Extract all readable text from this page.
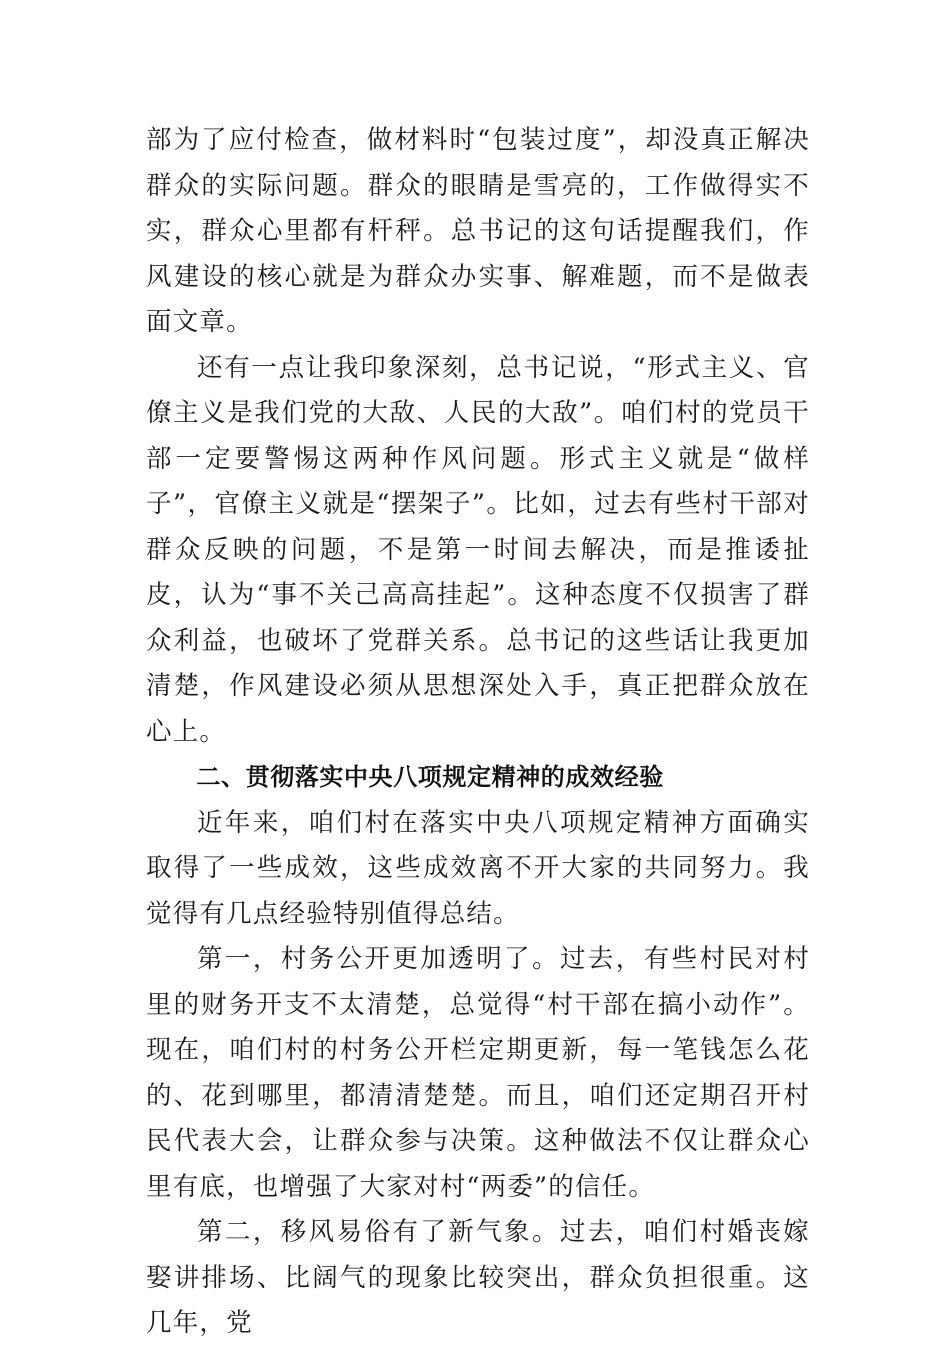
部为了应付检查，做材料时“包装过度”，却没真正解决群众的实际问题。群众的眼睛是雪亮的，工作做得实不实，群众心里都有杆秤。总书记的这句话提醒我们，作风建设的核心就是为群众办实事、解难题，而不是做表面文章。

还有一点让我印象深刻，总书记说，“形式主义、官僚主义是我们党的大敌、人民的大敌”。咱们村的党员干部一定要警惕这两种作风问题。形式主义就是“做样子”，官僚主义就是“摆架子”。比如，过去有些村干部对群众反映的问题，不是第一时间去解决，而是推诿扯皮，认为“事不关己高高挂起”。这种态度不仅损害了群众利益，也破坏了党群关系。总书记的这些话让我更加清楚，作风建设必须从思想深处入手，真正把群众放在心上。

二、贯彻落实中央八项规定精神的成效经验

近年来，咱们村在落实中央八项规定精神方面确实取得了一些成效，这些成效离不开大家的共同努力。我觉得有几点经验特别值得总结。

第一，村务公开更加透明了。过去，有些村民对村里的财务开支不太清楚，总觉得“村干部在搞小动作”。现在，咱们村的村务公开栏定期更新，每一笔钱怎么花的、花到哪里，都清清楚楚。而且，咱们还定期召开村民代表大会，让群众参与决策。这种做法不仅让群众心里有底，也增强了大家对村“两委”的信任。

第二，移风易俗有了新气象。过去，咱们村婚丧嫁娶讲排场、比阔气的现象比较突出，群众负担很重。这几年，党
